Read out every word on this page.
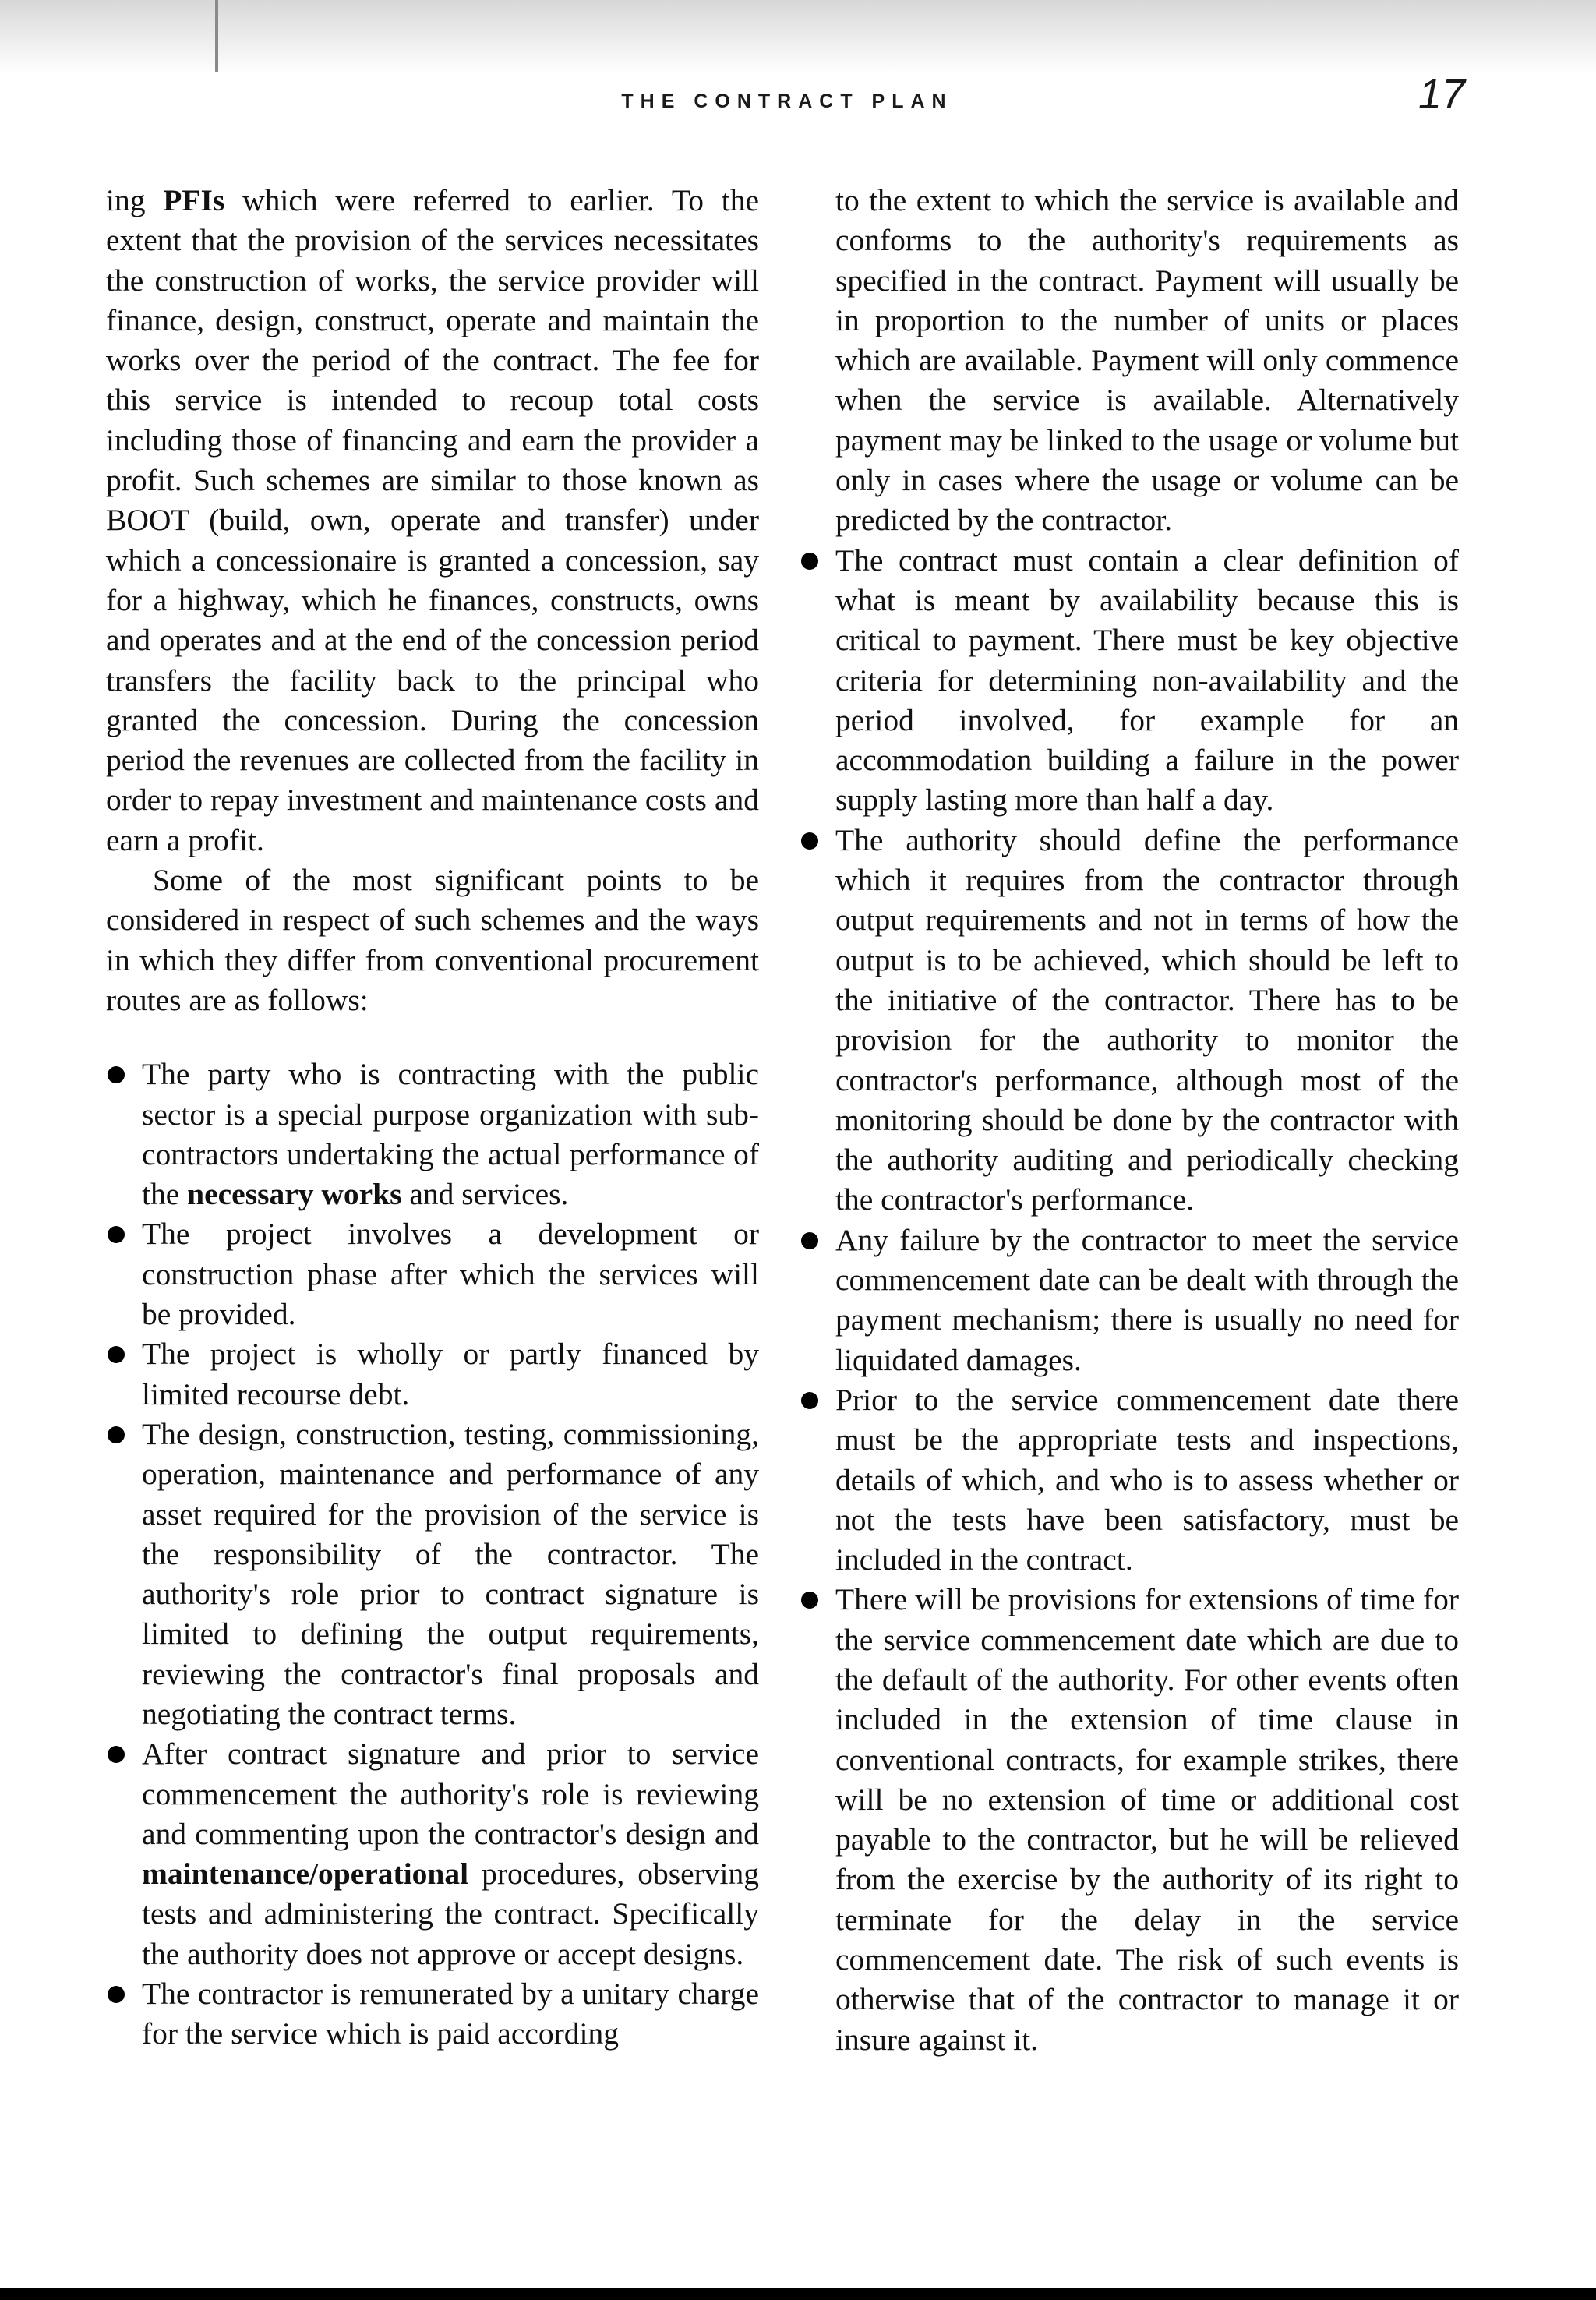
THE CONTRACT PLAN	17

ing PFIs which were referred to earlier. To the extent that the provision of the services necessitates the construction of works, the service provider will finance, design, construct, operate and maintain the works over the period of the contract. The fee for this service is intended to recoup total costs including those of financing and earn the provider a profit. Such schemes are similar to those known as BOOT (build, own, operate and transfer) under which a concessionaire is granted a concession, say for a highway, which he finances, constructs, owns and operates and at the end of the concession period transfers the facility back to the principal who granted the concession. During the concession period the revenues are collected from the facility in order to repay investment and maintenance costs and earn a profit.

Some of the most significant points to be considered in respect of such schemes and the ways in which they differ from conventional procurement routes are as follows:

The party who is contracting with the public sector is a special purpose organization with sub-contractors undertaking the actual performance of the necessary works and services.
The project involves a development or construction phase after which the services will be provided.
The project is wholly or partly financed by limited recourse debt.
The design, construction, testing, commissioning, operation, maintenance and performance of any asset required for the provision of the service is the responsibility of the contractor. The authority's role prior to contract signature is limited to defining the output requirements, reviewing the contractor's final proposals and negotiating the contract terms.
After contract signature and prior to service commencement the authority's role is reviewing and commenting upon the contractor's design and maintenance/operational procedures, observing tests and administering the contract. Specifically the authority does not approve or accept designs.
The contractor is remunerated by a unitary charge for the service which is paid according

to the extent to which the service is available and conforms to the authority's requirements as specified in the contract. Payment will usually be in proportion to the number of units or places which are available. Payment will only commence when the service is available. Alternatively payment may be linked to the usage or volume but only in cases where the usage or volume can be predicted by the contractor.

The contract must contain a clear definition of what is meant by availability because this is critical to payment. There must be key objective criteria for determining non-availability and the period involved, for example for an accommodation building a failure in the power supply lasting more than half a day.
The authority should define the performance which it requires from the contractor through output requirements and not in terms of how the output is to be achieved, which should be left to the initiative of the contractor. There has to be provision for the authority to monitor the contractor's performance, although most of the monitoring should be done by the contractor with the authority auditing and periodically checking the contractor's performance.
Any failure by the contractor to meet the service commencement date can be dealt with through the payment mechanism; there is usually no need for liquidated damages.
Prior to the service commencement date there must be the appropriate tests and inspections, details of which, and who is to assess whether or not the tests have been satisfactory, must be included in the contract.
There will be provisions for extensions of time for the service commencement date which are due to the default of the authority. For other events often included in the extension of time clause in conventional contracts, for example strikes, there will be no extension of time or additional cost payable to the contractor, but he will be relieved from the exercise by the authority of its right to terminate for the delay in the service commencement date. The risk of such events is otherwise that of the contractor to manage it or insure against it.
